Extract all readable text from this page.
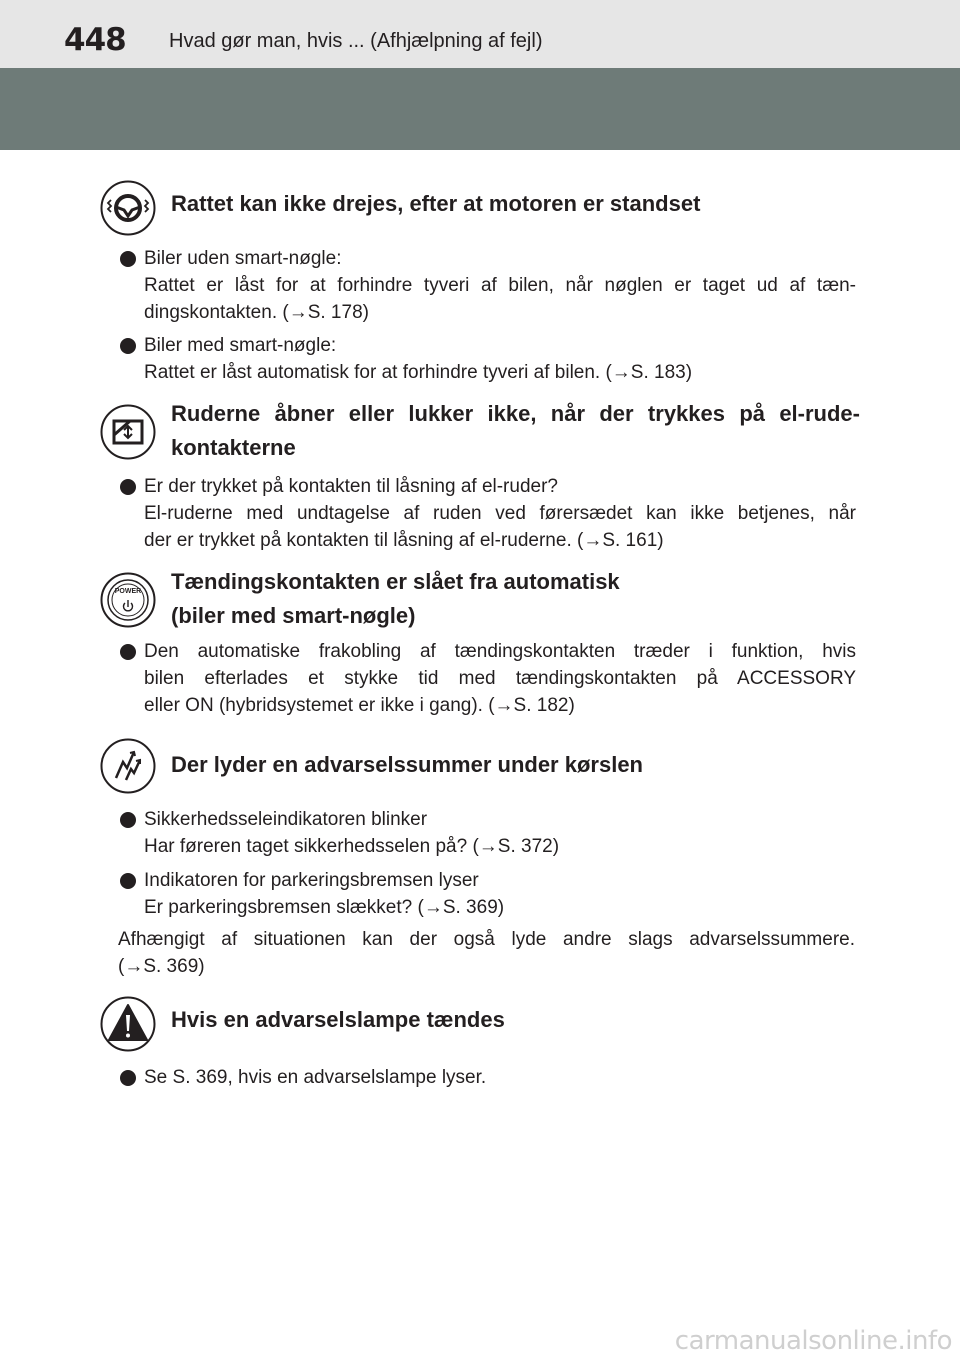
448 Hvad gør man, hvis ... (Afhjælpning af fejl)
Rattet kan ikke drejes, efter at motoren er standset
Biler uden smart-nøgle:
Rattet er låst for at forhindre tyveri af bilen, når nøglen er taget ud af tæn-
dingskontakten. (→S. 178)
Biler med smart-nøgle:
Rattet er låst automatisk for at forhindre tyveri af bilen. (→S. 183)
Ruderne åbner eller lukker ikke, når der trykkes på el-rude-
kontakterne
Er der trykket på kontakten til låsning af el-ruder?
El-ruderne med undtagelse af ruden ved førersædet kan ikke betjenes, når
der er trykket på kontakten til låsning af el-ruderne. (→S. 161)
POWER	Tændingskontakten er slået fra automatisk
(biler med smart-nøgle)
Den automatiske frakobling af tændingskontakten træder i funktion, hvis
bilen efterlades et stykke tid med tændingskontakten på ACCESSORY
eller ON (hybridsystemet er ikke i gang). (→S. 182)
Der lyder en advarselssummer under kørslen
Sikkerhedsseleindikatoren blinker
Har føreren taget sikkerhedsselen på? (→S. 372)
Indikatoren for parkeringsbremsen lyser
Er parkeringsbremsen slækket? (→S. 369)
Afhængigt af situationen kan der også lyde andre slags advarselssummere.
(→S. 369)
Hvis en advarselslampe tændes
Se S. 369, hvis en advarselslampe lyser.
carmanualsonline.info
